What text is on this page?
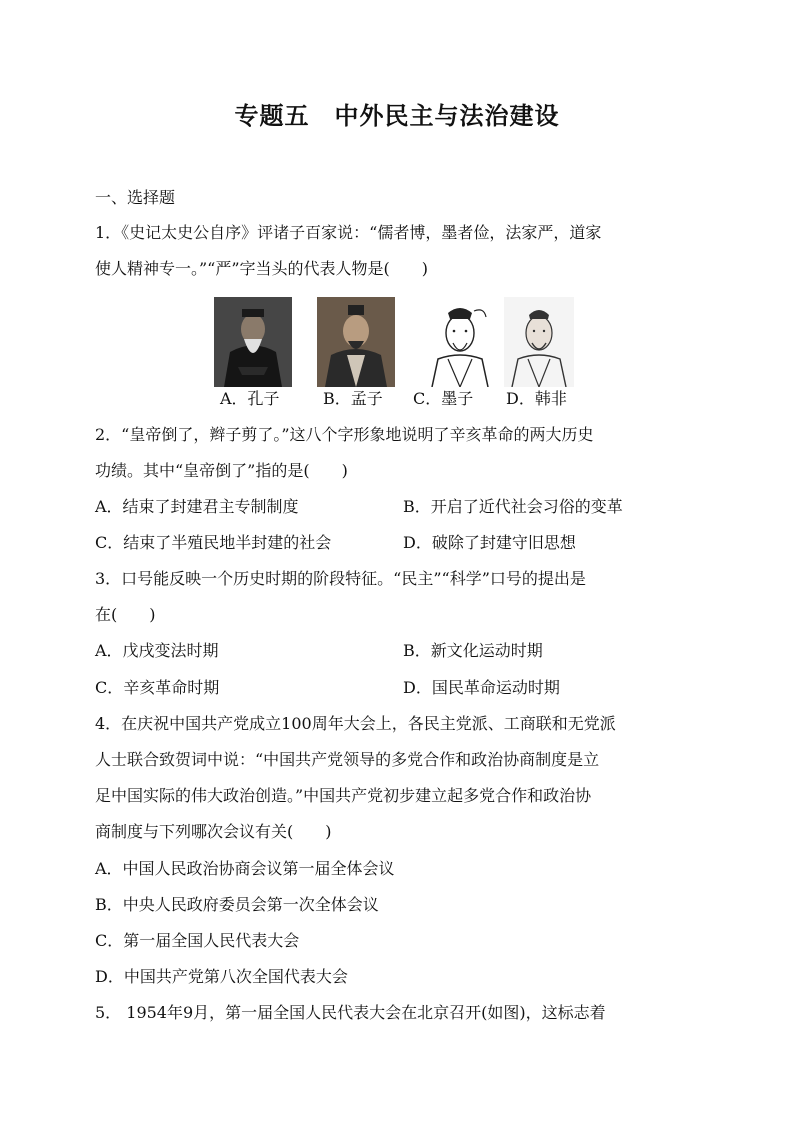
专题五　中外民主与法治建设
一、选择题
1．《史记太史公自序》评诸子百家说：“儒者博，墨者俭，法家严，道家
使人精神专一。”“严”字当头的代表人物是(　　)
A．孔子	B．孟子 C．墨子 D．韩非
2．“皇帝倒了，辫子剪了。”这八个字形象地说明了辛亥革命的两大历史
功绩。其中“皇帝倒了”指的是(　　)
A．结束了封建君主专制制度	B．开启了近代社会习俗的变革
C．结束了半殖民地半封建的社会	D．破除了封建守旧思想
3．口号能反映一个历史时期的阶段特征。“民主”“科学”口号的提出是
在(　　)
A．戊戌变法时期	B．新文化运动时期
C．辛亥革命时期	D．国民革命运动时期
4．在庆祝中国共产党成立100周年大会上，各民主党派、工商联和无党派
人士联合致贺词中说：“中国共产党领导的多党合作和政治协商制度是立
足中国实际的伟大政治创造。”中国共产党初步建立起多党合作和政治协
商制度与下列哪次会议有关(　　)
A．中国人民政治协商会议第一届全体会议
B．中央人民政府委员会第一次全体会议
C．第一届全国人民代表大会
D．中国共产党第八次全国代表大会
5． 1954年9月，第一届全国人民代表大会在北京召开(如图)，这标志着
